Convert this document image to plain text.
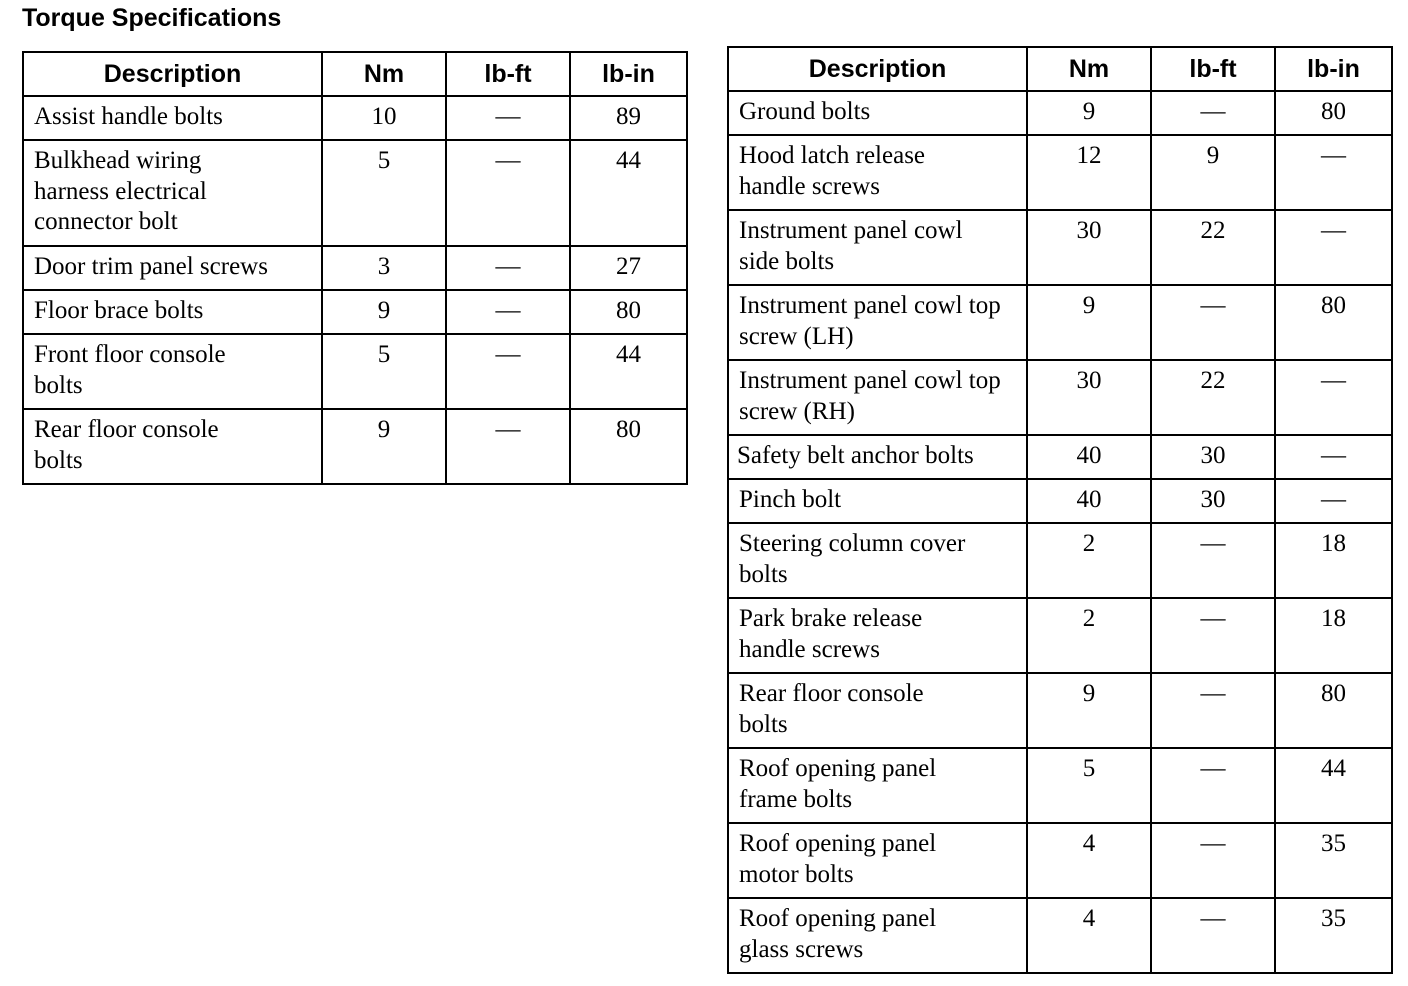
Torque Specifications
Description	Nm	lb-ft	lb-in
Assist handle bolts	10	—	89

Bulkhead wiring harness electrical connector bolt	5	—	44
Door trim panel screws	3	—	27
Floor brace bolts	9	—	80

Front floor console bolts	5	—	44

Rear floor console bolts	9	—	80
Description	Nm	lb-ft	lb-in
Ground bolts	9	—	80

Hood latch release handle screws	12	9	—

Instrument panel cowl side bolts	30	22	—

Instrument panel cowl top screw (LH)	9	—	80

Instrument panel cowl top screw (RH)	30	22	—
Safety belt anchor bolts	40	30	—
Pinch bolt	40	30	—

Steering column cover bolts	2	—	18

Park brake release handle screws	2	—	18

Rear floor console bolts	9	—	80

Roof opening panel frame bolts	5	—	44

Roof opening panel motor bolts	4	—	35

Roof opening panel glass screws	4	—	35
